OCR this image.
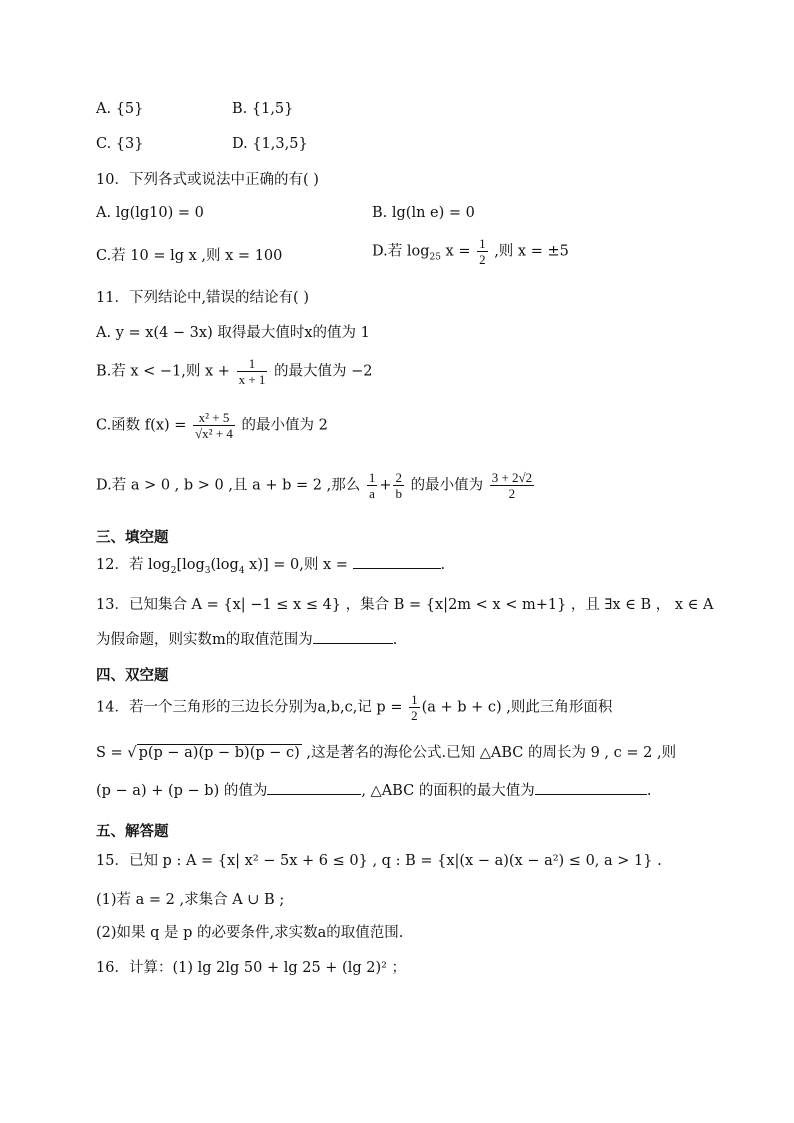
A. {5}	B. {1,5}
C. {3}	D. {1,3,5}
10．下列各式或说法中正确的有( )
A. lg(lg10) = 0	B. lg(ln e) = 0
C.若 10 = lg x ,则 x = 100	D.若 $\log_{25} x = \frac{1}{2}$ ,则 x = ±5
11．下列结论中,错误的结论有( )
A. y = x(4 − 3x) 取得最大值时x的值为 1
B.若 x < −1,则 $x + \frac{1}{x + 1}$ 的最大值为 −2
C.函数 $f(x) = \frac{\text{x² + 5}}{\text{√x² + 4}}$ 的最小值为 2
D.若 a > 0 , b > 0 ,且 a + b = 2 ,那么 $\frac{1}{a} + \frac{2}{b}$ 的最小值为 $\frac{3 + 2√2}{2}$
三、填空题
12．若 $\log_2[\log_3(\log_4$ x)] = 0,则 x =	.
13．已知集合 A = {x| −1 ≤ x ≤ 4} ，集合 B = {x|2m < x < m+1} ，且 ∃x ∈ B ， x ∈ A
为假命题，则实数m的取值范围为	.
四、双空题
14．若一个三角形的三边长分别为a,b,c,记 $p = \frac{1}{2} (a + b + c)$ ,则此三角形面积
S = √ p(p − a)(p − b)(p − c) ,这是著名的海伦公式.已知 △ABC 的周长为 9 , c = 2 ,则
(p − a) + (p − b) 的值为	, △ABC 的面积的最大值为	.
五、解答题
15．已知 p : A = {x| x² − 5x + 6 ≤ 0} , q : B = {x|(x − a)(x − a²) ≤ 0, a > 1} .
(1)若 a = 2 ,求集合 A ∪ B ;
(2)如果 q 是 p 的必要条件,求实数a的取值范围.
16．计算：(1) lg 2lg 50 + lg 25 + (lg 2)² ；
